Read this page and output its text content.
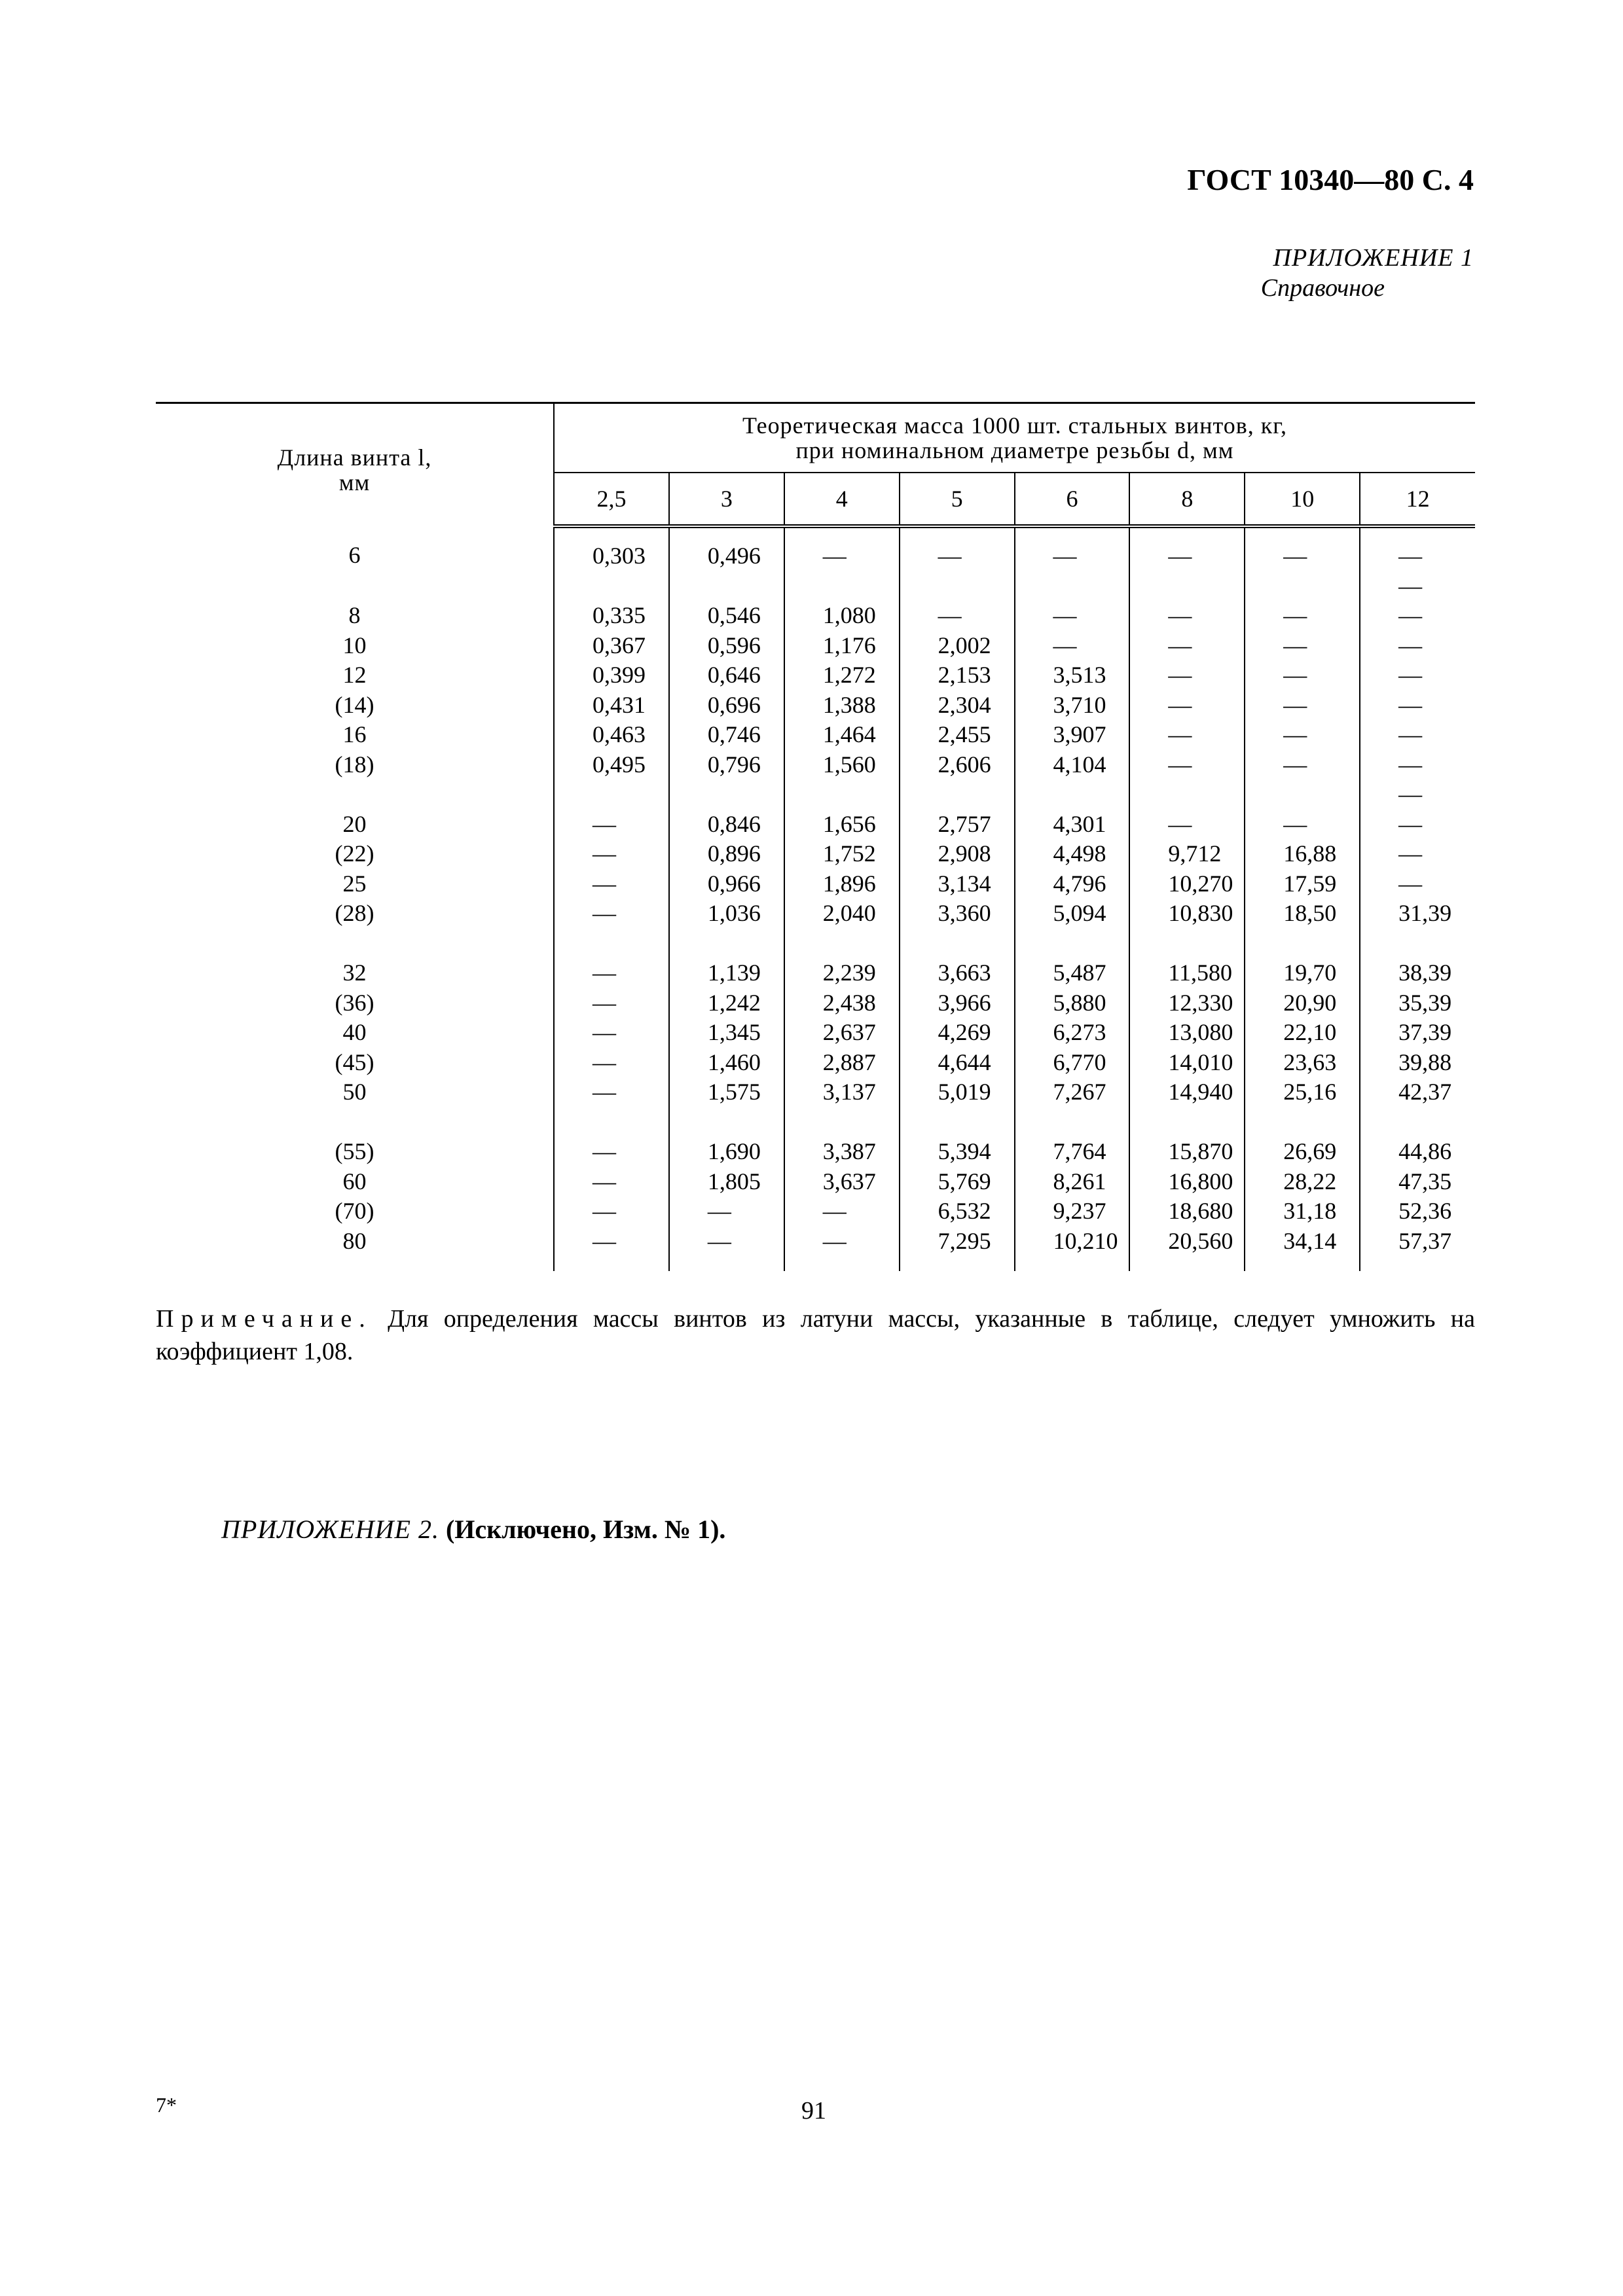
ГОСТ 10340—80 С. 4
ПРИЛОЖЕНИЕ 1
Справочное
Длина винта l,
мм	Теоретическая масса 1000 шт. стальных винтов, кг,
при номинальном диаметре резьбы d, мм							
	2,5	3	4	5	6	8	10	12
6	0,303	0,496	—	—	—	—	—	—
								—
8	0,335	0,546	1,080	—	—	—	—	—
10	0,367	0,596	1,176	2,002	—	—	—	—
12	0,399	0,646	1,272	2,153	3,513	—	—	—
(14)	0,431	0,696	1,388	2,304	3,710	—	—	—
16	0,463	0,746	1,464	2,455	3,907	—	—	—
(18)	0,495	0,796	1,560	2,606	4,104	—	—	—
								—
20	—	0,846	1,656	2,757	4,301	—	—	—
(22)	—	0,896	1,752	2,908	4,498	9,712	16,88	—
25	—	0,966	1,896	3,134	4,796	10,270	17,59	—
(28)	—	1,036	2,040	3,360	5,094	10,830	18,50	31,39

32	—	1,139	2,239	3,663	5,487	11,580	19,70	38,39
(36)	—	1,242	2,438	3,966	5,880	12,330	20,90	35,39
40	—	1,345	2,637	4,269	6,273	13,080	22,10	37,39
(45)	—	1,460	2,887	4,644	6,770	14,010	23,63	39,88
50	—	1,575	3,137	5,019	7,267	14,940	25,16	42,37

(55)	—	1,690	3,387	5,394	7,764	15,870	26,69	44,86
60	—	1,805	3,637	5,769	8,261	16,800	28,22	47,35
(70)	—	—	—	6,532	9,237	18,680	31,18	52,36
80	—	—	—	7,295	10,210	20,560	34,14	57,37
Примечание. Для определения массы винтов из латуни массы, указанные в таблице, следует умножить на коэффициент 1,08.
ПРИЛОЖЕНИЕ 2. (Исключено, Изм. № 1).
7*	91
